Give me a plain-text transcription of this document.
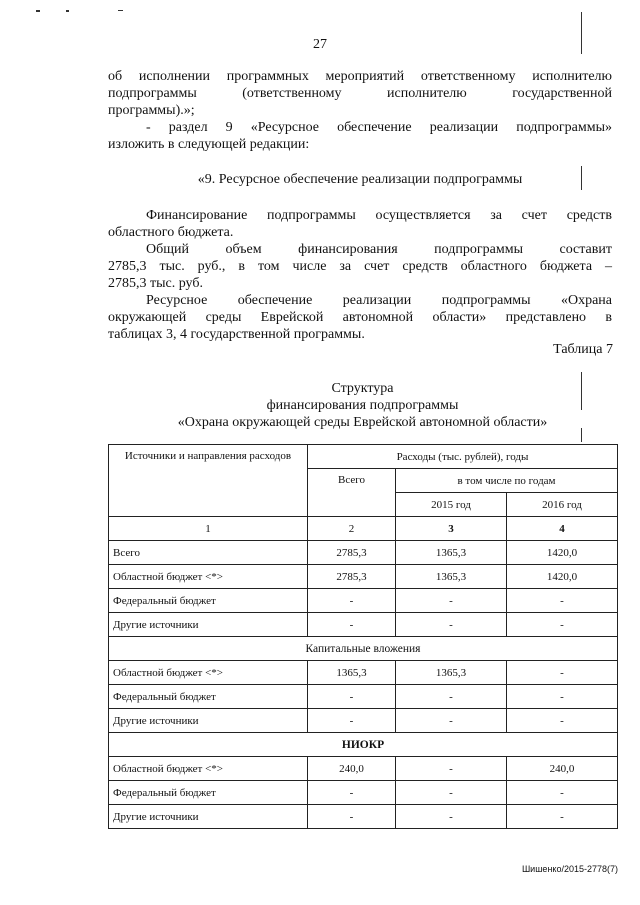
27
об исполнении программных мероприятий ответственному исполнителю
подпрограммы (ответственному исполнителю государственной
программы).»;
- раздел 9 «Ресурсное обеспечение реализации подпрограммы»
изложить в следующей редакции:
«9. Ресурсное обеспечение реализации подпрограммы
Финансирование подпрограммы осуществляется за счет средств
областного бюджета.
Общий объем финансирования подпрограммы составит
2785,3 тыс. руб., в том числе за счет средств областного бюджета –
2785,3 тыс. руб.
Ресурсное обеспечение реализации подпрограммы «Охрана
окружающей среды Еврейской автономной области» представлено в
таблицах 3, 4 государственной программы.
Таблица 7
Структура
финансирования подпрограммы
«Охрана окружающей среды Еврейской автономной области»
Источники и направления расходов	Расходы (тыс. рублей), годы		
	Всего	в том числе по годам	
		2015 год	2016 год
1	2	3	4
Всего	2785,3	1365,3	1420,0
Областной бюджет <*>	2785,3	1365,3	1420,0
Федеральный бюджет	-	-	-
Другие источники	-	-	-
Капитальные вложения			
Областной бюджет <*>	1365,3	1365,3	-
Федеральный бюджет	-	-	-
Другие источники	-	-	-
НИОКР			
Областной бюджет <*>	240,0	-	240,0
Федеральный бюджет	-	-	-
Другие источники	-	-	-
Шишенко/2015-2778(7)
